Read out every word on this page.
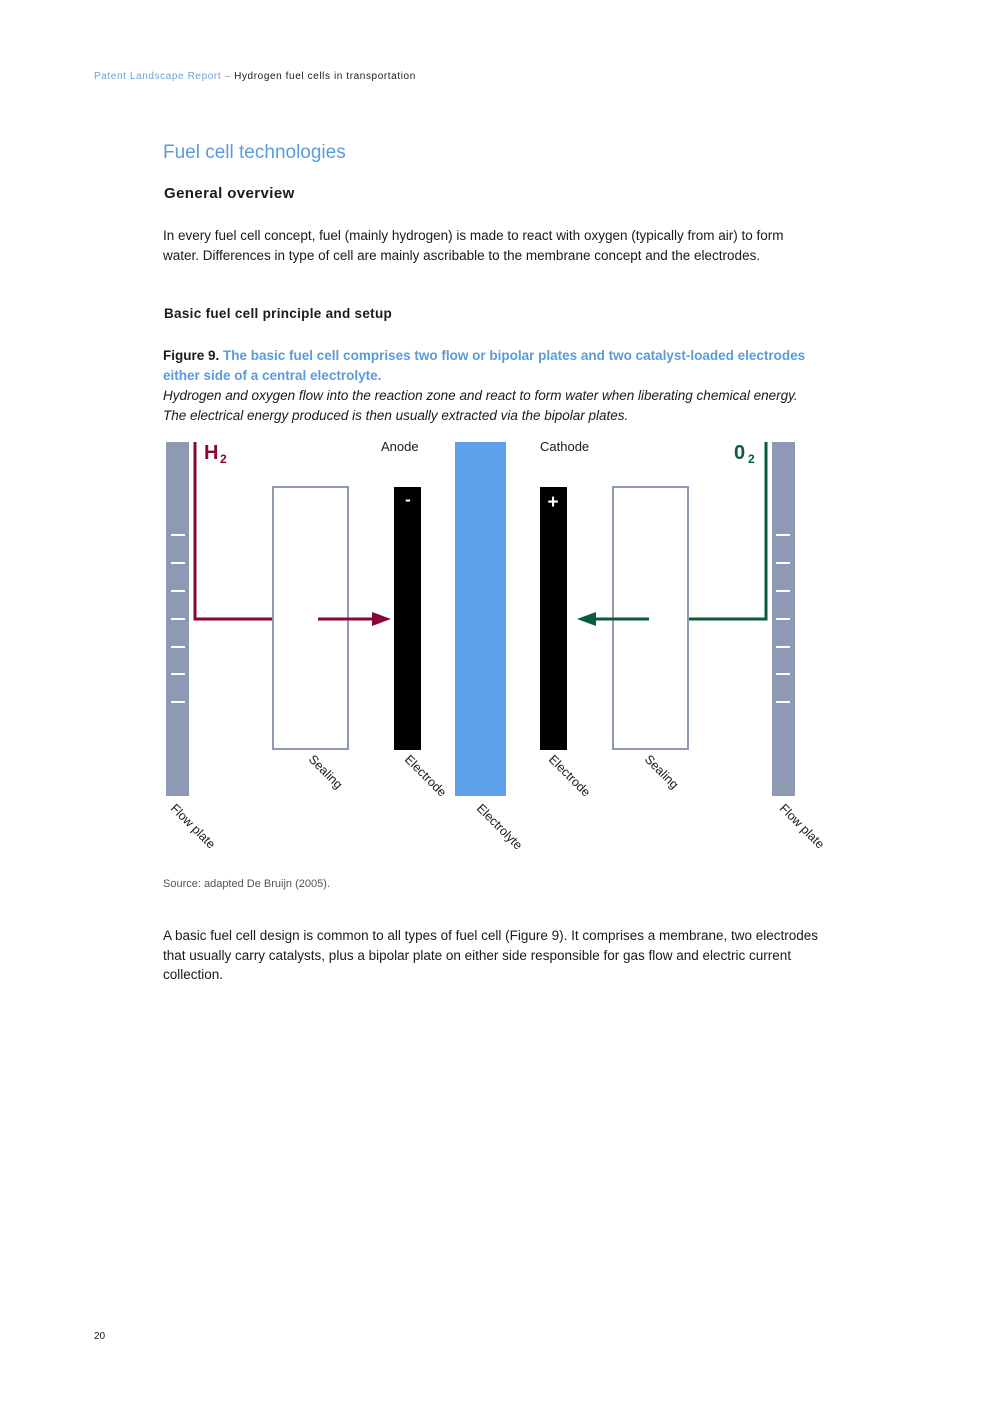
Patent Landscape Report – Hydrogen fuel cells in transportation
Fuel cell technologies
General overview
In every fuel cell concept, fuel (mainly hydrogen) is made to react with oxygen (typically from air) to form water. Differences in type of cell are mainly ascribable to the membrane concept and the electrodes.
Basic fuel cell principle and setup
Figure 9. The basic fuel cell comprises two flow or bipolar plates and two catalyst-loaded electrodes either side of a central electrolyte.
Hydrogen and oxygen flow into the reaction zone and react to form water when liberating chemical energy. The electrical energy produced is then usually extracted via the bipolar plates.
-	+
H 2	0 2
Anode	Cathode
Flow plate
Sealing	Electrode
Electrolyte
Electrode	Sealing
Flow plate
Source: adapted De Bruijn (2005).
A basic fuel cell design is common to all types of fuel cell (Figure 9). It comprises a membrane, two electrodes that usually carry catalysts, plus a bipolar plate on either side responsible for gas flow and electric current collection.
20
